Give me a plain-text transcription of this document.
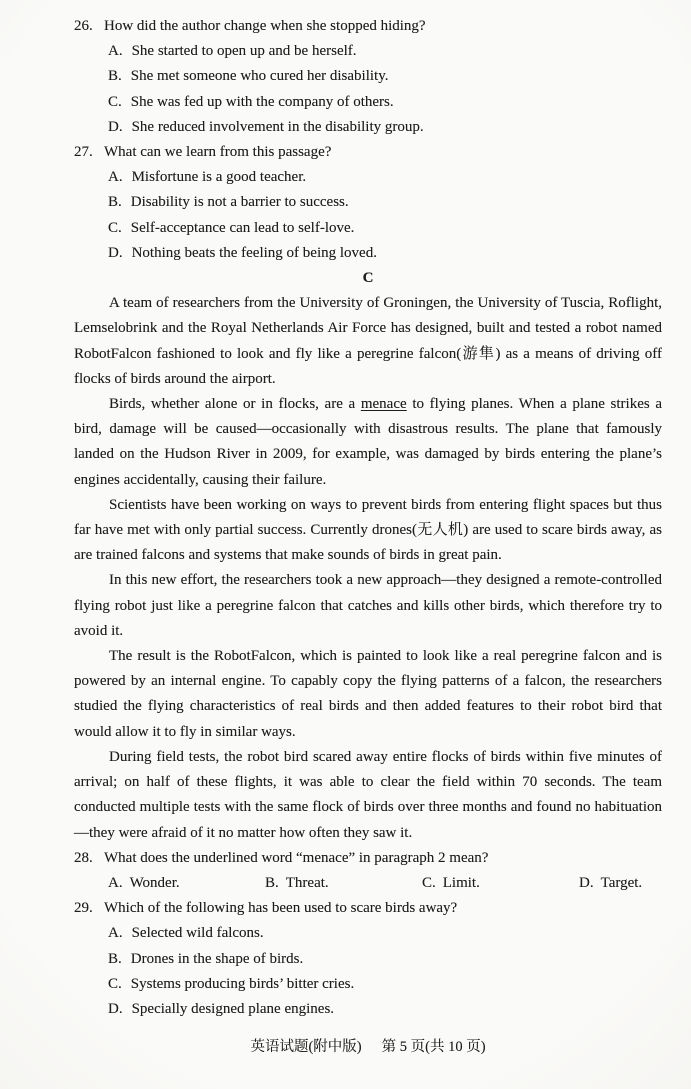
26. How did the author change when she stopped hiding?
A. She started to open up and be herself.
B. She met someone who cured her disability.
C. She was fed up with the company of others.
D. She reduced involvement in the disability group.
27. What can we learn from this passage?
A. Misfortune is a good teacher.
B. Disability is not a barrier to success.
C. Self-acceptance can lead to self-love.
D. Nothing beats the feeling of being loved.
C

A team of researchers from the University of Groningen, the University of Tuscia, Roflight, Lemselobrink and the Royal Netherlands Air Force has designed, built and tested a robot named RobotFalcon fashioned to look and fly like a peregrine falcon(游隼) as a means of driving off flocks of birds around the airport.

Birds, whether alone or in flocks, are a menace to flying planes. When a plane strikes a bird, damage will be caused—occasionally with disastrous results. The plane that famously landed on the Hudson River in 2009, for example, was damaged by birds entering the plane’s engines accidentally, causing their failure.

Scientists have been working on ways to prevent birds from entering flight spaces but thus far have met with only partial success. Currently drones(无人机) are used to scare birds away, as are trained falcons and systems that make sounds of birds in great pain.

In this new effort, the researchers took a new approach—they designed a remote-controlled flying robot just like a peregrine falcon that catches and kills other birds, which therefore try to avoid it.

The result is the RobotFalcon, which is painted to look like a real peregrine falcon and is powered by an internal engine. To capably copy the flying patterns of a falcon, the researchers studied the flying characteristics of real birds and then added features to their robot bird that would allow it to fly in similar ways.

During field tests, the robot bird scared away entire flocks of birds within five minutes of arrival; on half of these flights, it was able to clear the field within 70 seconds. The team conducted multiple tests with the same flock of birds over three months and found no habituation—they were afraid of it no matter how often they saw it.

28. What does the underlined word “menace” in paragraph 2 mean?
A. Wonder.	B. Threat.	C. Limit.	D. Target.
29. Which of the following has been used to scare birds away?
A. Selected wild falcons.
B. Drones in the shape of birds.
C. Systems producing birds’ bitter cries.
D. Specially designed plane engines.
英语试题(附中版) 第 5 页(共 10 页)
